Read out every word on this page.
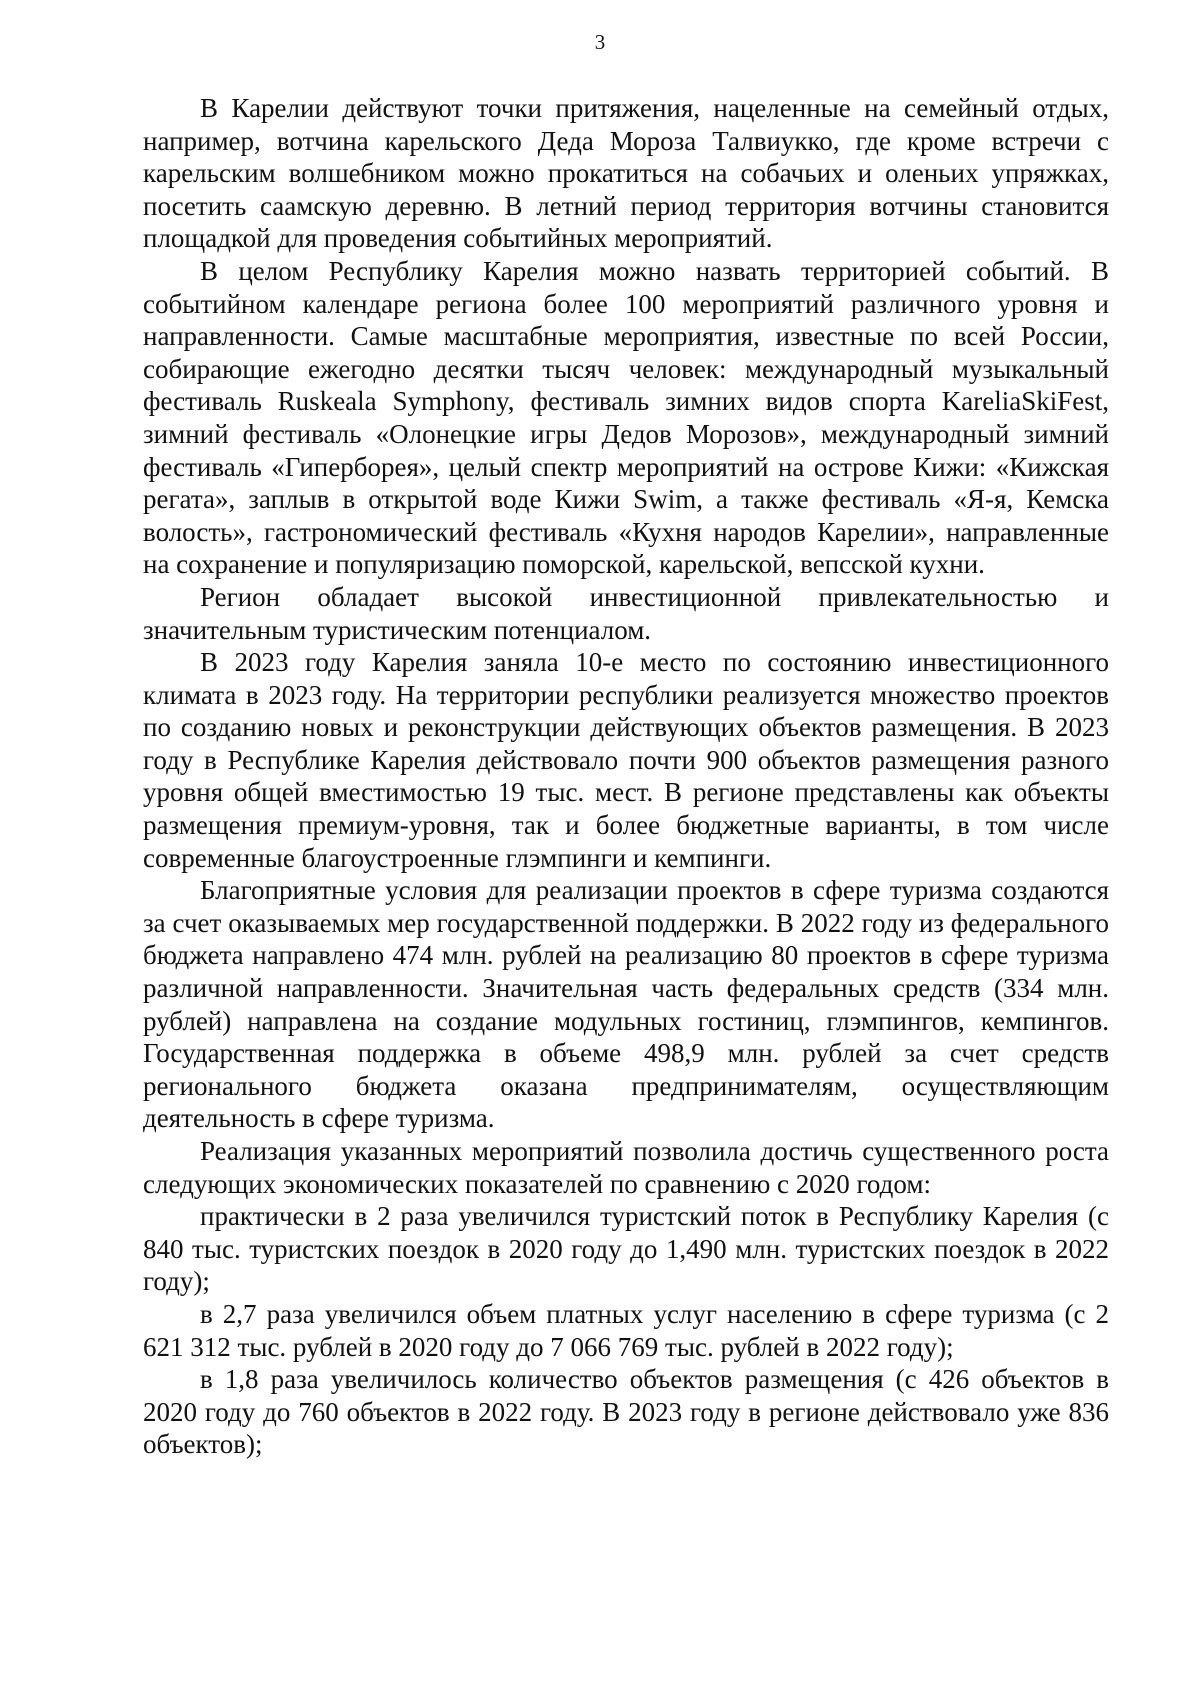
3

В Карелии действуют точки притяжения, нацеленные на семейный отдых, например, вотчина карельского Деда Мороза Талвиукко, где кроме встречи с карельским волшебником можно прокатиться на собачьих и оленьих упряжках, посетить саамскую деревню. В летний период территория вотчины становится площадкой для проведения событийных мероприятий.

В целом Республику Карелия можно назвать территорией событий. В событийном календаре региона более 100 мероприятий различного уровня и направленности. Самые масштабные мероприятия, известные по всей России, собирающие ежегодно десятки тысяч человек: международный музыкальный фестиваль Ruskeala Symphony, фестиваль зимних видов спорта KareliaSkiFest, зимний фестиваль «Олонецкие игры Дедов Морозов», международный зимний фестиваль «Гиперборея», целый спектр мероприятий на острове Кижи: «Кижская регата», заплыв в открытой воде Кижи Swim, а также фестиваль «Я-я, Кемска волость», гастрономический фестиваль «Кухня народов Карелии», направленные на сохранение и популяризацию поморской, карельской, вепсской кухни.

Регион обладает высокой инвестиционной привлекательностью и значительным туристическим потенциалом.

В 2023 году Карелия заняла 10-е место по состоянию инвестиционного климата в 2023 году. На территории республики реализуется множество проектов по созданию новых и реконструкции действующих объектов размещения. В 2023 году в Республике Карелия действовало почти 900 объектов размещения разного уровня общей вместимостью 19 тыс. мест. В регионе представлены как объекты размещения премиум-уровня, так и более бюджетные варианты, в том числе современные благоустроенные глэмпинги и кемпинги.

Благоприятные условия для реализации проектов в сфере туризма создаются за счет оказываемых мер государственной поддержки. В 2022 году из федерального бюджета направлено 474 млн. рублей на реализацию 80 проектов в сфере туризма различной направленности. Значительная часть федеральных средств (334 млн. рублей) направлена на создание модульных гостиниц, глэмпингов, кемпингов. Государственная поддержка в объеме 498,9 млн. рублей за счет средств регионального бюджета оказана предпринимателям, осуществляющим деятельность в сфере туризма.

Реализация указанных мероприятий позволила достичь существенного роста следующих экономических показателей по сравнению с 2020 годом:

практически в 2 раза увеличился туристский поток в Республику Карелия (с 840 тыс. туристских поездок в 2020 году до 1,490 млн. туристских поездок в 2022 году);

в 2,7 раза увеличился объем платных услуг населению в сфере туризма (с 2 621 312 тыс. рублей в 2020 году до 7 066 769 тыс. рублей в 2022 году);

в 1,8 раза увеличилось количество объектов размещения (с 426 объектов в 2020 году до 760 объектов в 2022 году. В 2023 году в регионе действовало уже 836 объектов);
